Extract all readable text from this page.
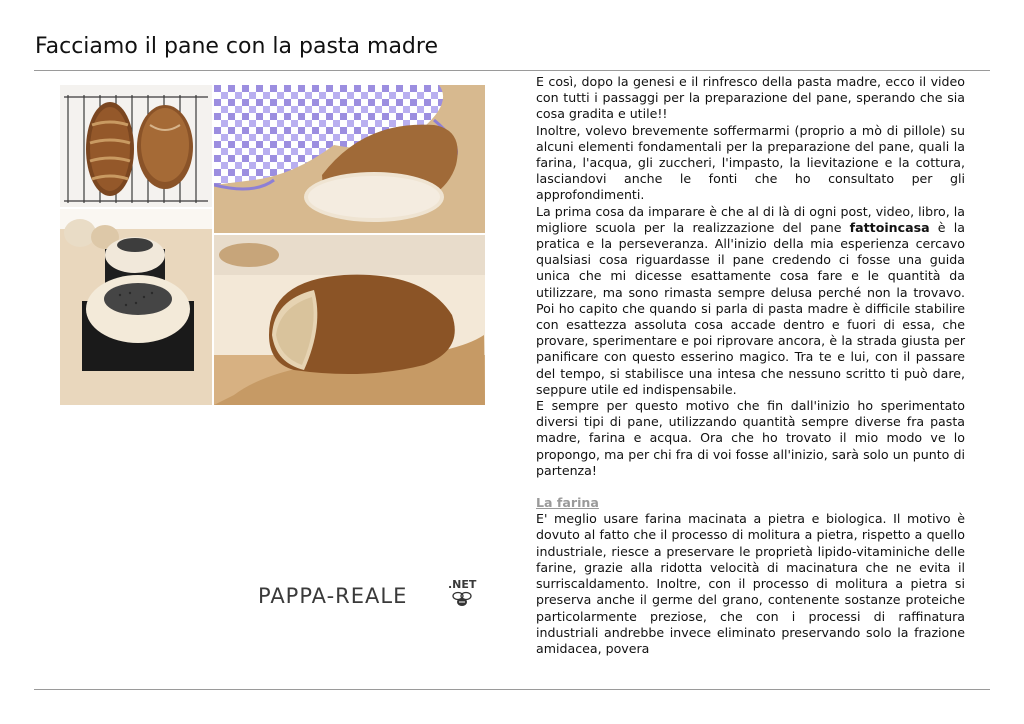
Facciamo il pane con la pasta madre
PAPPA-REALE	.NET

E così, dopo la genesi e il rinfresco della pasta madre, ecco il video con tutti i passaggi per la preparazione del pane, sperando che sia cosa gradita e utile!!

Inoltre, volevo brevemente soffermarmi (proprio a mò di pillole) su alcuni elementi fondamentali per la preparazione del pane, quali la farina, l'acqua, gli zuccheri, l'impasto, la lievitazione e la cottura, lasciandovi anche le fonti che ho consultato per gli approfondimenti.

La prima cosa da imparare è che al di là di ogni post, video, libro, la migliore scuola per la realizzazione del pane fattoincasa è la pratica e la perseveranza. All'inizio della mia esperienza cercavo qualsiasi cosa riguardasse il pane credendo ci fosse una guida unica che mi dicesse esattamente cosa fare e le quantità da utilizzare, ma sono rimasta sempre delusa perché non la trovavo. Poi ho capito che quando si parla di pasta madre è difficile stabilire con esattezza assoluta cosa accade dentro e fuori di essa, che provare, sperimentare e poi riprovare ancora, è la strada giusta per panificare con questo esserino magico. Tra te e lui, con il passare del tempo, si stabilisce una intesa che nessuno scritto ti può dare, seppure utile ed indispensabile.

E sempre per questo motivo che fin dall'inizio ho sperimentato diversi tipi di pane, utilizzando quantità sempre diverse fra pasta madre, farina e acqua. Ora che ho trovato il mio modo ve lo propongo, ma per chi fra di voi fosse all'inizio, sarà solo un punto di partenza!

La farina

E' meglio usare farina macinata a pietra e biologica. Il motivo è dovuto al fatto che il processo di molitura a pietra, rispetto a quello industriale, riesce a preservare le proprietà lipido-vitaminiche delle farine, grazie alla ridotta velocità di macinatura che ne evita il surriscaldamento. Inoltre, con il processo di molitura a pietra si preserva anche il germe del grano, contenente sostanze proteiche particolarmente preziose, che con i processi di raffinatura industriali andrebbe invece eliminato preservando solo la frazione amidacea, povera
